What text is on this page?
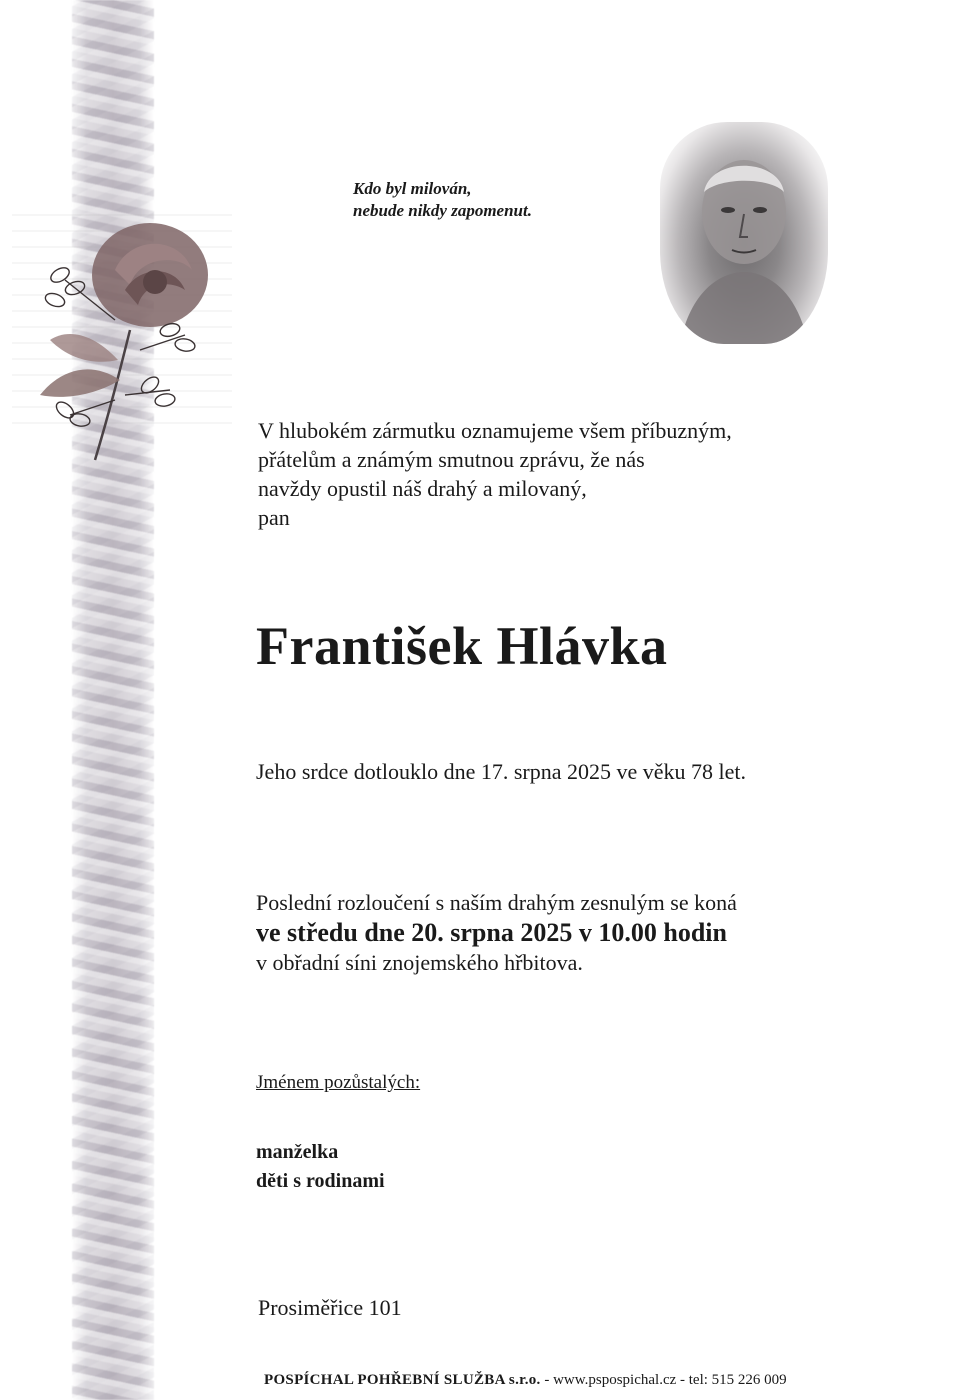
Kdo byl milován,
nebude nikdy zapomenut.
V hlubokém zármutku oznamujeme všem příbuzným,
přátelům a známým smutnou zprávu, že nás
navždy opustil náš drahý a milovaný,
pan
František Hlávka
Jeho srdce dotlouklo dne 17. srpna 2025 ve věku 78 let.
Poslední rozloučení s naším drahým zesnulým se koná
ve středu dne 20. srpna 2025 v 10.00 hodin
v obřadní síni znojemského hřbitova.
Jménem pozůstalých:
manželka
děti s rodinami
Prosiměřice 101
POSPÍCHAL POHŘEBNÍ SLUŽBA s.r.o. - www.pspospichal.cz - tel: 515 226 009
